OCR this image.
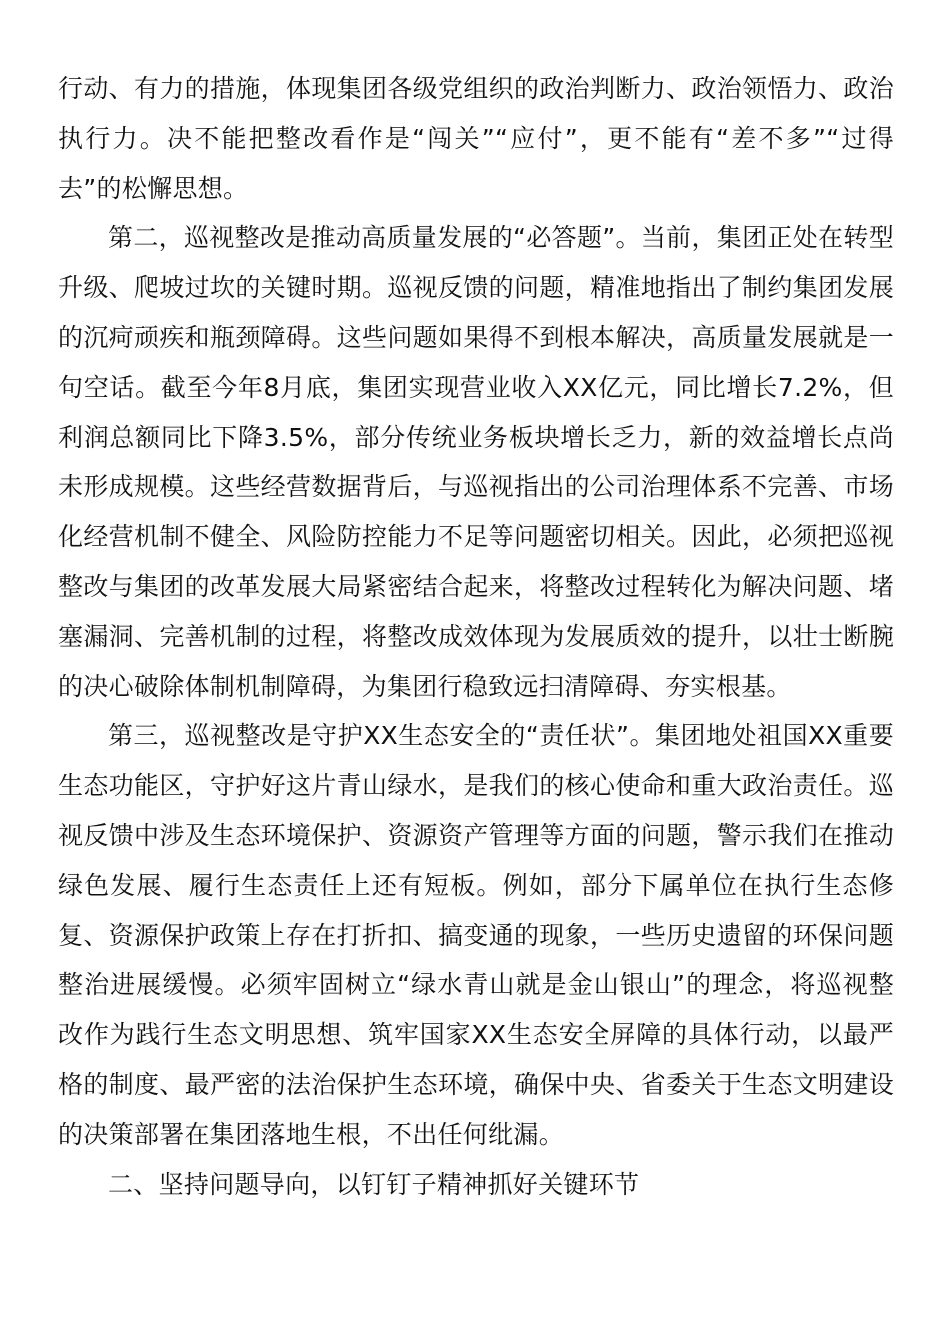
行动、有力的措施，体现集团各级党组织的政治判断力、政治领悟力、政治执行力。决不能把整改看作是“闯关”“应付”，更不能有“差不多”“过得去”的松懈思想。

第二，巡视整改是推动高质量发展的“必答题”。当前，集团正处在转型升级、爬坡过坎的关键时期。巡视反馈的问题，精准地指出了制约集团发展的沉疴顽疾和瓶颈障碍。这些问题如果得不到根本解决，高质量发展就是一句空话。截至今年8月底，集团实现营业收入XX亿元，同比增长7.2%，但利润总额同比下降3.5%，部分传统业务板块增长乏力，新的效益增长点尚未形成规模。这些经营数据背后，与巡视指出的公司治理体系不完善、市场化经营机制不健全、风险防控能力不足等问题密切相关。因此，必须把巡视整改与集团的改革发展大局紧密结合起来，将整改过程转化为解决问题、堵塞漏洞、完善机制的过程，将整改成效体现为发展质效的提升，以壮士断腕的决心破除体制机制障碍，为集团行稳致远扫清障碍、夯实根基。

第三，巡视整改是守护XX生态安全的“责任状”。集团地处祖国XX重要生态功能区，守护好这片青山绿水，是我们的核心使命和重大政治责任。巡视反馈中涉及生态环境保护、资源资产管理等方面的问题，警示我们在推动绿色发展、履行生态责任上还有短板。例如，部分下属单位在执行生态修复、资源保护政策上存在打折扣、搞变通的现象，一些历史遗留的环保问题整治进展缓慢。必须牢固树立“绿水青山就是金山银山”的理念，将巡视整改作为践行生态文明思想、筑牢国家XX生态安全屏障的具体行动，以最严格的制度、最严密的法治保护生态环境，确保中央、省委关于生态文明建设的决策部署在集团落地生根，不出任何纰漏。

二、坚持问题导向，以钉钉子精神抓好关键环节
